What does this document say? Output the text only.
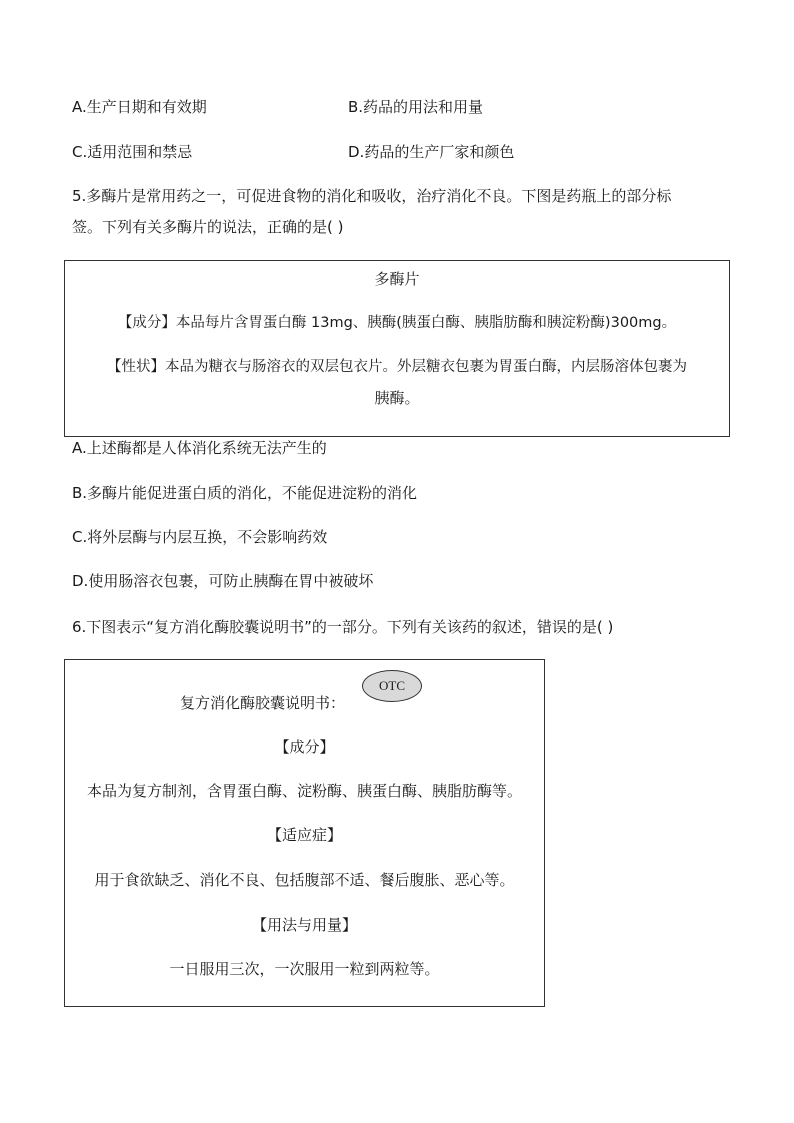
A.生产日期和有效期	B.药品的用法和用量
C.适用范围和禁忌	D.药品的生产厂家和颜色
5.多酶片是常用药之一，可促进食物的消化和吸收，治疗消化不良。下图是药瓶上的部分标
签。下列有关多酶片的说法，正确的是( )
多酶片
【成分】本品每片含胃蛋白酶 13mg、胰酶(胰蛋白酶、胰脂肪酶和胰淀粉酶)300mg。
【性状】本品为糖衣与肠溶衣的双层包衣片。外层糖衣包裹为胃蛋白酶，内层肠溶体包裹为
胰酶。
A.上述酶都是人体消化系统无法产生的
B.多酶片能促进蛋白质的消化，不能促进淀粉的消化
C.将外层酶与内层互换，不会影响药效
D.使用肠溶衣包裹，可防止胰酶在胃中被破坏
6.下图表示“复方消化酶胶囊说明书”的一部分。下列有关该药的叙述，错误的是( )
复方消化酶胶囊说明书：
【成分】
本品为复方制剂，含胃蛋白酶、淀粉酶、胰蛋白酶、胰脂肪酶等。
【适应症】
用于食欲缺乏、消化不良、包括腹部不适、餐后腹胀、恶心等。
【用法与用量】
一日服用三次，一次服用一粒到两粒等。
OTC
